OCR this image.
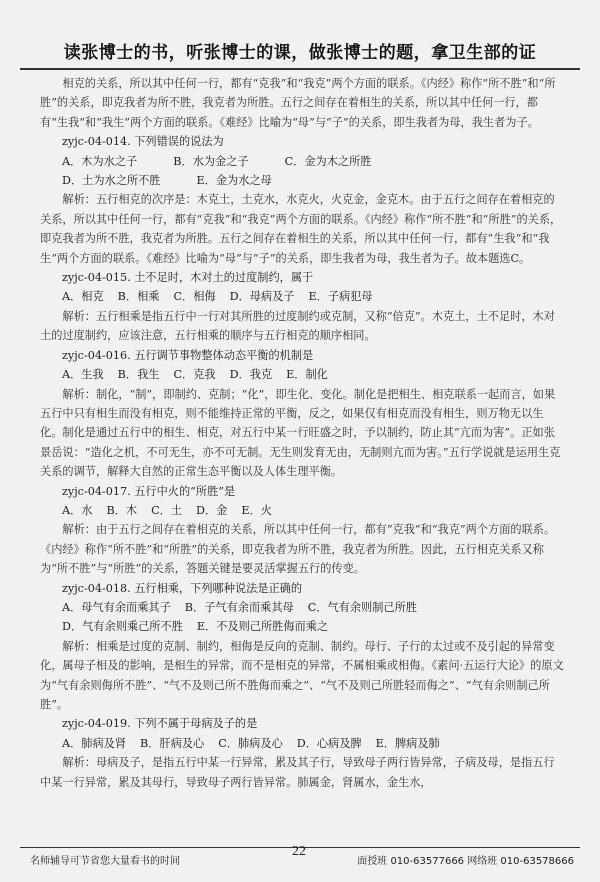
读张博士的书，听张博士的课，做张博士的题，拿卫生部的证

相克的关系，所以其中任何一行，都有“克我”和“我克”两个方面的联系。《内经》称作“所不胜”和“所胜”的关系，即克我者为所不胜，我克者为所胜。五行之间存在着相生的关系，所以其中任何一行，都有“生我”和“我生”两个方面的联系。《难经》比喻为“母”与“子”的关系，即生我者为母，我生者为子。

zyjc-04-014. 下列错误的说法为

A．木为水之子	B．水为金之子	C．金为木之所胜

D．土为水之所不胜	E．金为水之母

解析：五行相克的次序是：木克土，土克水，水克火，火克金，金克木。由于五行之间存在着相克的关系，所以其中任何一行，都有“克我”和“我克”两个方面的联系。《内经》称作“所不胜”和“所胜”的关系，即克我者为所不胜，我克者为所胜。五行之间存在着相生的关系，所以其中任何一行，都有“生我”和“我生”两个方面的联系。《难经》比喻为“母”与“子”的关系，即生我者为母，我生者为子。故本题选C。

zyjc-04-015. 土不足时，木对土的过度制约，属于

A．相克 B．相乘 C．相侮 D．母病及子 E．子病犯母

解析：五行相乘是指五行中一行对其所胜的过度制约或克制，又称“倍克”。木克土，土不足时，木对土的过度制约，应该注意，五行相乘的顺序与五行相克的顺序相同。

zyjc-04-016. 五行调节事物整体动态平衡的机制是

A．生我 B．我生 C．克我 D．我克 E．制化

解析：制化，“制”，即制约、克制；“化”，即生化、变化。制化是把相生、相克联系一起而言，如果五行中只有相生而没有相克，则不能维持正常的平衡，反之，如果仅有相克而没有相生，则万物无以生化。制化是通过五行中的相生、相克，对五行中某一行旺盛之时，予以制约，防止其“亢而为害”。正如张景岳说：“造化之机，不可无生，亦不可无制。无生则发育无由，无制则亢而为害。”五行学说就是运用生克关系的调节，解释大自然的正常生态平衡以及人体生理平衡。

zyjc-04-017. 五行中火的“所胜”是

A．水 B．木 C．土 D．金 E．火

解析：由于五行之间存在着相克的关系，所以其中任何一行，都有“克我”和“我克”两个方面的联系。《内经》称作“所不胜”和“所胜”的关系，即克我者为所不胜，我克者为所胜。因此，五行相克关系又称为“所不胜”与“所胜”的关系，答题关键是要灵活掌握五行的传变。

zyjc-04-018. 五行相乘，下列哪种说法是正确的

A．母气有余而乘其子 B．子气有余而乘其母 C．气有余则制己所胜

D．气有余则乘己所不胜 E．不及则己所胜侮而乘之

解析：相乘是过度的克制、制约，相侮是反向的克制、制约。母行、子行的太过或不及引起的异常变化，属母子相及的影响，是相生的异常，而不是相克的异常，不属相乘或相侮。《素问·五运行大论》的原文为“气有余则侮所不胜”、“气不及则己所不胜侮而乘之”、“气不及则己所胜轻而侮之”、“气有余则制己所胜”。

zyjc-04-019. 下列不属于母病及子的是

A．肺病及肾 B．肝病及心 C．肺病及心 D．心病及脾 E．脾病及肺

解析：母病及子，是指五行中某一行异常，累及其子行，导致母子两行皆异常，子病及母，是指五行中某一行异常，累及其母行，导致母子两行皆异常。肺属金，肾属水，金生水，

名师辅导可节省您大量看书的时间
22
面授班 010-63577666 网络班 010-63578666
